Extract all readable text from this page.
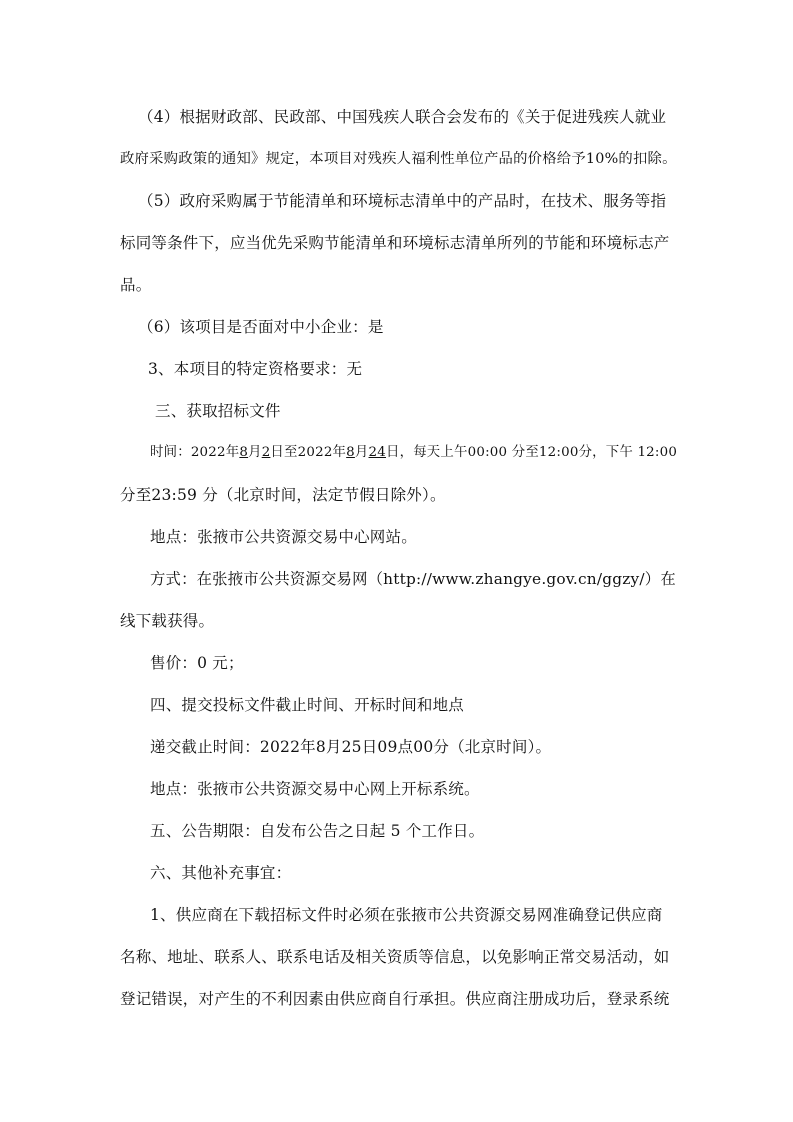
（4）根据财政部、民政部、中国残疾人联合会发布的《关于促进残疾人就业
政府采购政策的通知》规定，本项目对残疾人福利性单位产品的价格给予10%的扣除。
（5）政府采购属于节能清单和环境标志清单中的产品时，在技术、服务等指
标同等条件下，应当优先采购节能清单和环境标志清单所列的节能和环境标志产
品。
（6）该项目是否面对中小企业：是
3、本项目的特定资格要求：无
三、获取招标文件
时间：2022年8月2日至2022年8月24日，每天上午00:00 分至12:00分，下午 12:00
分至23:59 分（北京时间，法定节假日除外）。
地点：张掖市公共资源交易中心网站。
方式：在张掖市公共资源交易网（http://www.zhangye.gov.cn/ggzy/）在
线下载获得。
售价：0 元；
四、提交投标文件截止时间、开标时间和地点
递交截止时间：2022年8月25日09点00分（北京时间）。
地点：张掖市公共资源交易中心网上开标系统。
五、公告期限：自发布公告之日起 5 个工作日。
六、其他补充事宜：
1、供应商在下载招标文件时必须在张掖市公共资源交易网准确登记供应商
名称、地址、联系人、联系电话及相关资质等信息，以免影响正常交易活动，如
登记错误，对产生的不利因素由供应商自行承担。供应商注册成功后，登录系统
